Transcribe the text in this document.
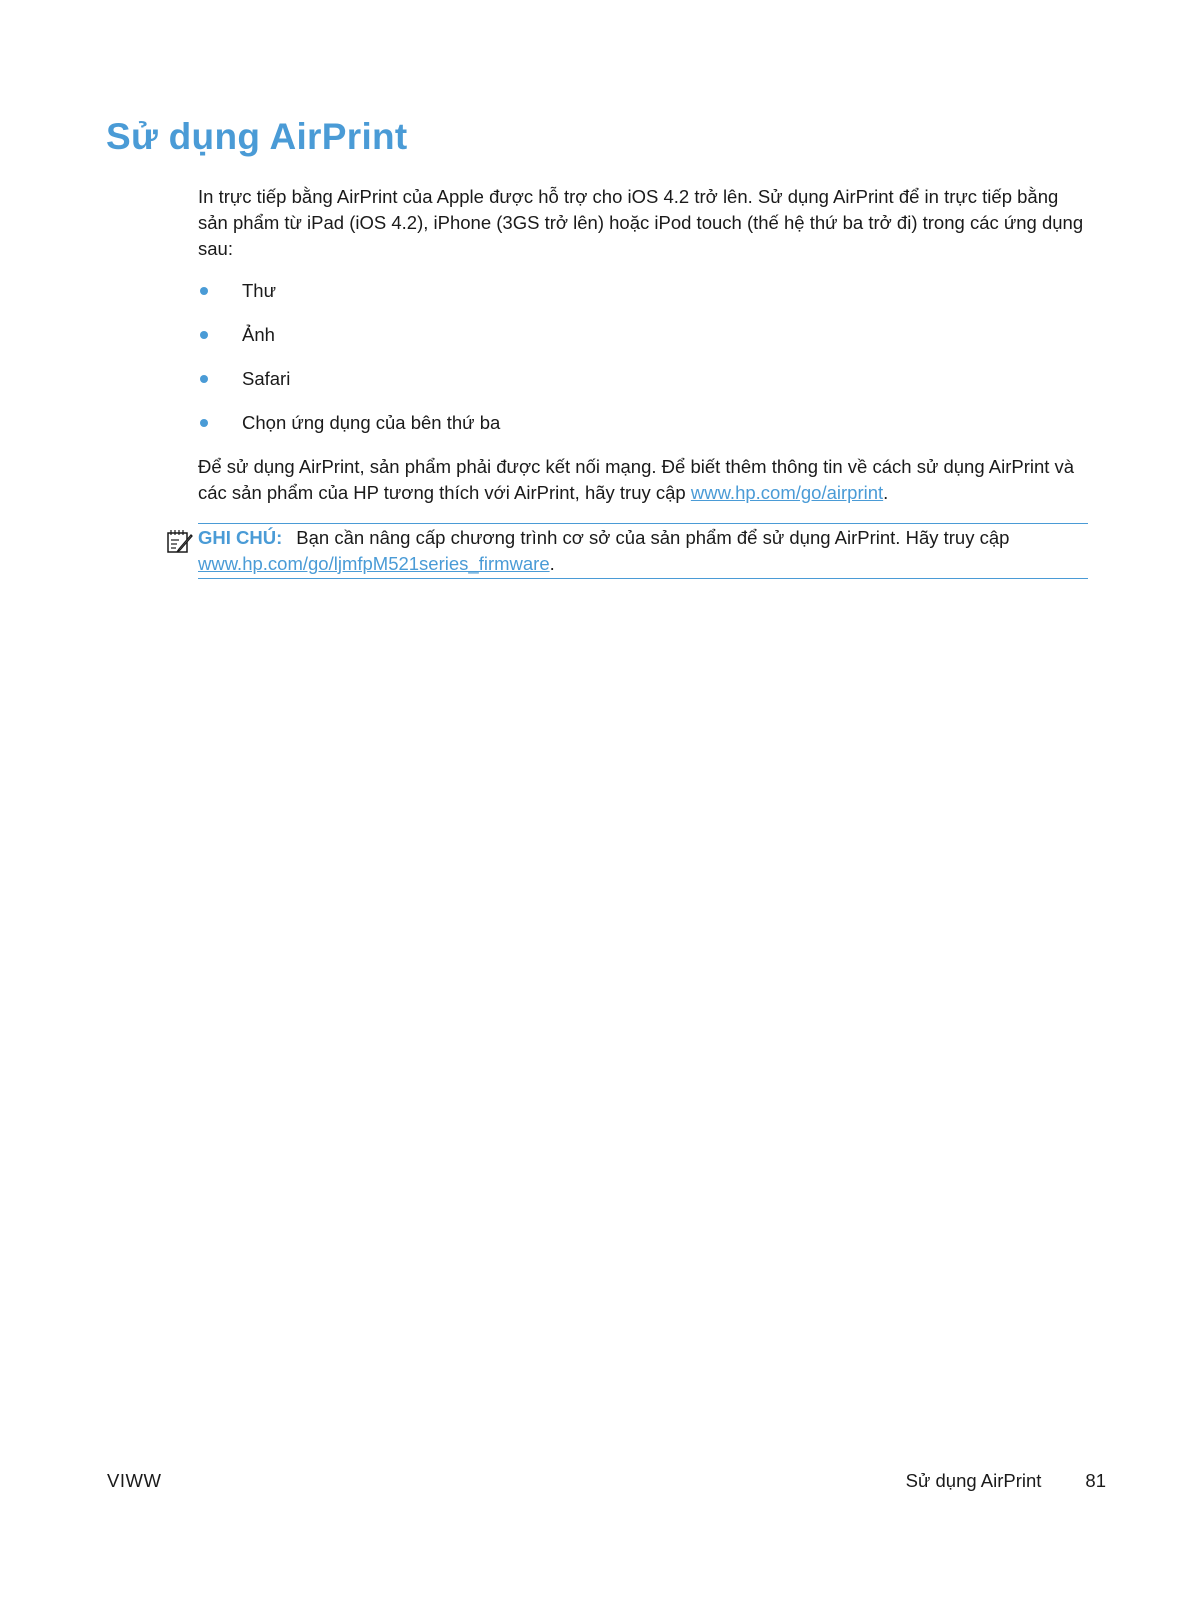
Sử dụng AirPrint

In trực tiếp bằng AirPrint của Apple được hỗ trợ cho iOS 4.2 trở lên. Sử dụng AirPrint để in trực tiếp bằng sản phẩm từ iPad (iOS 4.2), iPhone (3GS trở lên) hoặc iPod touch (thế hệ thứ ba trở đi) trong các ứng dụng sau:

Thư
Ảnh
Safari
Chọn ứng dụng của bên thứ ba

Để sử dụng AirPrint, sản phẩm phải được kết nối mạng. Để biết thêm thông tin về cách sử dụng AirPrint và các sản phẩm của HP tương thích với AirPrint, hãy truy cập www.hp.com/go/airprint.

GHI CHÚ: Bạn cần nâng cấp chương trình cơ sở của sản phẩm để sử dụng AirPrint. Hãy truy cập
www.hp.com/go/ljmfpM521series_firmware.
VIWW	Sử dụng AirPrint 81
